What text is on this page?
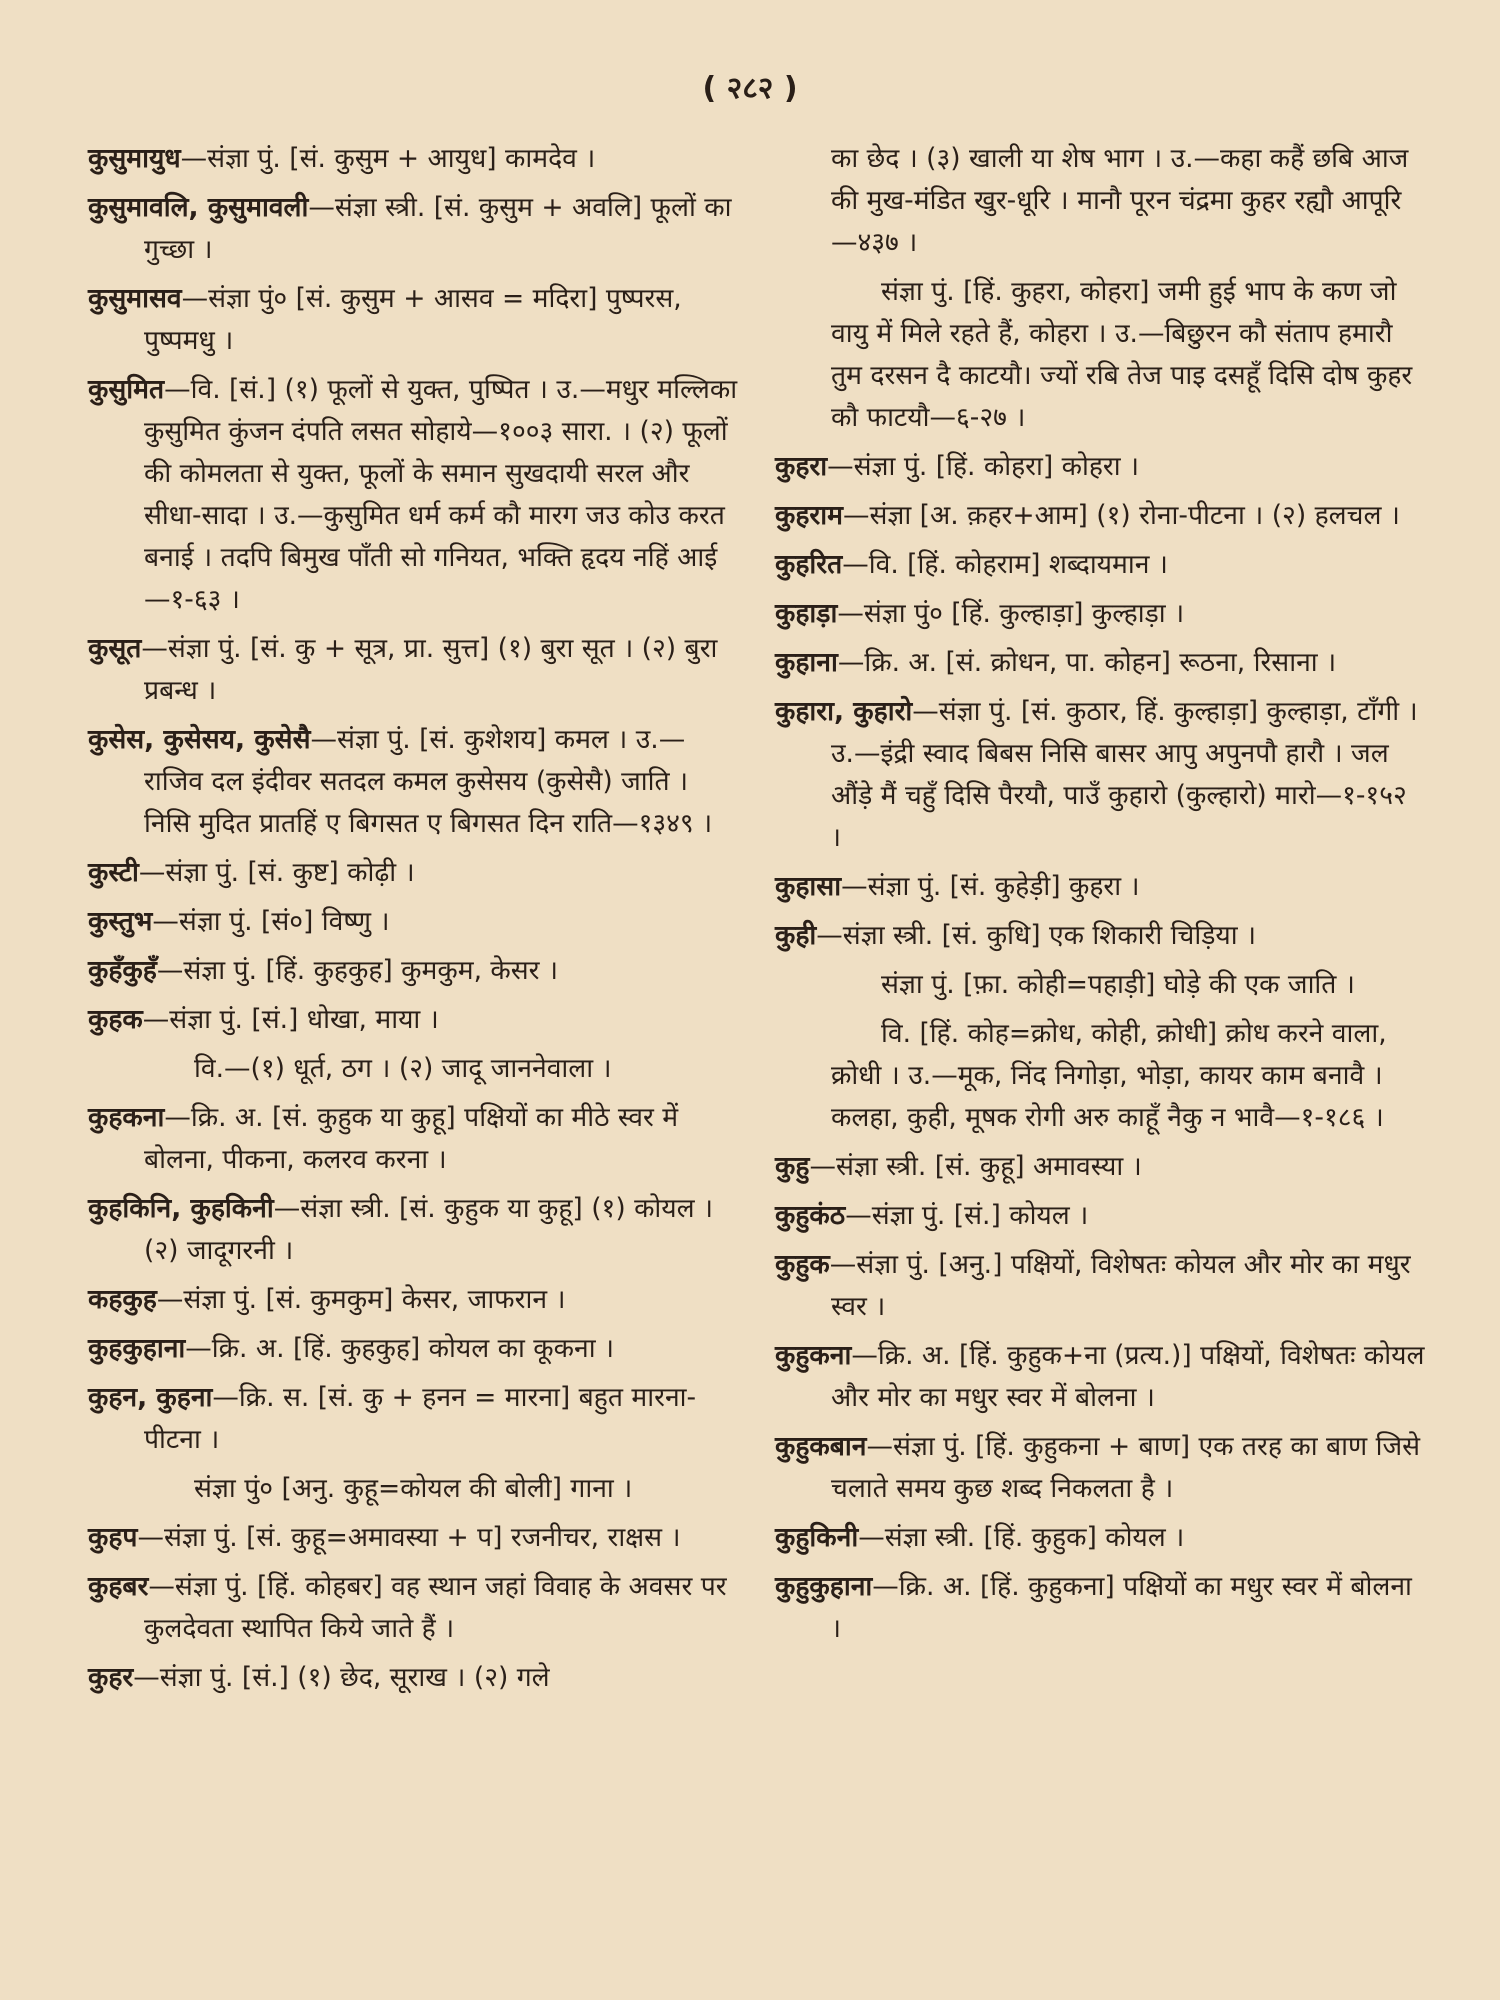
( २८२ )

कुसुमायुध—संज्ञा पुं. [सं. कुसुम + आयुध] कामदेव ।

कुसुमावलि, कुसुमावली—संज्ञा स्त्री. [सं. कुसुम + अवलि] फूलों का गुच्छा ।

कुसुमासव—संज्ञा पुं० [सं. कुसुम + आसव = मदिरा] पुष्परस, पुष्पमधु ।

कुसुमित—वि. [सं.] (१) फूलों से युक्त, पुष्पित । उ.—मधुर मल्लिका कुसुमित कुंजन दंपति लसत सोहाये—१००३ सारा. । (२) फूलों की कोमलता से युक्त, फूलों के समान सुखदायी सरल और सीधा-सादा । उ.—कुसुमित धर्म कर्म कौ मारग जउ कोउ करत बनाई । तदपि बिमुख पाँती सो गनियत, भक्ति हृदय नहिं आई—१-६३ ।

कुसूत—संज्ञा पुं. [सं. कु + सूत्र, प्रा. सुत्त] (१) बुरा सूत । (२) बुरा प्रबन्ध ।

कुसेस, कुसेसय, कुसेसै—संज्ञा पुं. [सं. कुशेशय] कमल । उ.—राजिव दल इंदीवर सतदल कमल कुसेसय (कुसेसै) जाति । निसि मुदित प्रातहिं ए बिगसत ए बिगसत दिन राति—१३४९ ।

कुस्टी—संज्ञा पुं. [सं. कुष्ट] कोढ़ी ।

कुस्तुभ—संज्ञा पुं. [सं०] विष्णु ।

कुहँकुहँ—संज्ञा पुं. [हिं. कुहकुह] कुमकुम, केसर ।

कुहक—संज्ञा पुं. [सं.] धोखा, माया ।

वि.—(१) धूर्त, ठग । (२) जादू जाननेवाला ।

कुहकना—क्रि. अ. [सं. कुहुक या कुहू] पक्षियों का मीठे स्वर में बोलना, पीकना, कलरव करना ।

कुहकिनि, कुहकिनी—संज्ञा स्त्री. [सं. कुहुक या कुहू] (१) कोयल । (२) जादूगरनी ।

कहकुह—संज्ञा पुं. [सं. कुमकुम] केसर, जाफरान ।

कुहकुहाना—क्रि. अ. [हिं. कुहकुह] कोयल का कूकना ।

कुहन, कुहना—क्रि. स. [सं. कु + हनन = मारना] बहुत मारना-पीटना ।

संज्ञा पुं० [अनु. कुहू=कोयल की बोली] गाना ।

कुहप—संज्ञा पुं. [सं. कुहू=अमावस्या + प] रजनीचर, राक्षस ।

कुहबर—संज्ञा पुं. [हिं. कोहबर] वह स्थान जहां विवाह के अवसर पर कुलदेवता स्थापित किये जाते हैं ।

कुहर—संज्ञा पुं. [सं.] (१) छेद, सूराख । (२) गले

का छेद । (३) खाली या शेष भाग । उ.—कहा कहैं छबि आज की मुख-मंडित खुर-धूरि । मानौ पूरन चंद्रमा कुहर रह्यौ आपूरि—४३७ ।

संज्ञा पुं. [हिं. कुहरा, कोहरा] जमी हुई भाप के कण जो वायु में मिले रहते हैं, कोहरा । उ.—बिछुरन कौ संताप हमारौ तुम दरसन दै काटयौ। ज्यों रबि तेज पाइ दसहूँ दिसि दोष कुहर कौ फाटयौ—६-२७ ।

कुहरा—संज्ञा पुं. [हिं. कोहरा] कोहरा ।

कुहराम—संज्ञा [अ. क़हर+आम] (१) रोना-पीटना । (२) हलचल ।

कुहरित—वि. [हिं. कोहराम] शब्दायमान ।

कुहाड़ा—संज्ञा पुं० [हिं. कुल्हाड़ा] कुल्हाड़ा ।

कुहाना—क्रि. अ. [सं. क्रोधन, पा. कोहन] रूठना, रिसाना ।

कुहारा, कुहारो—संज्ञा पुं. [सं. कुठार, हिं. कुल्हाड़ा] कुल्हाड़ा, टाँगी । उ.—इंद्री स्वाद बिबस निसि बासर आपु अपुनपौ हारौ । जल औंड़े मैं चहुँ दिसि पैरयौ, पाउँ कुहारो (कुल्हारो) मारो—१-१५२ ।

कुहासा—संज्ञा पुं. [सं. कुहेड़ी] कुहरा ।

कुही—संज्ञा स्त्री. [सं. कुधि] एक शिकारी चिड़िया ।

संज्ञा पुं. [फ़ा. कोही=पहाड़ी] घोड़े की एक जाति ।

वि. [हिं. कोह=क्रोध, कोही, क्रोधी] क्रोध करने वाला, क्रोधी । उ.—मूक, निंद निगोड़ा, भोड़ा, कायर काम बनावै । कलहा, कुही, मूषक रोगी अरु काहूँ नैकु न भावै—१-१८६ ।

कुहु—संज्ञा स्त्री. [सं. कुहू] अमावस्या ।

कुहुकंठ—संज्ञा पुं. [सं.] कोयल ।

कुहुक—संज्ञा पुं. [अनु.] पक्षियों, विशेषतः कोयल और मोर का मधुर स्वर ।

कुहुकना—क्रि. अ. [हिं. कुहुक+ना (प्रत्य.)] पक्षियों, विशेषतः कोयल और मोर का मधुर स्वर में बोलना ।

कुहुकबान—संज्ञा पुं. [हिं. कुहुकना + बाण] एक तरह का बाण जिसे चलाते समय कुछ शब्द निकलता है ।

कुहुकिनी—संज्ञा स्त्री. [हिं. कुहुक] कोयल ।

कुहुकुहाना—क्रि. अ. [हिं. कुहुकना] पक्षियों का मधुर स्वर में बोलना ।
